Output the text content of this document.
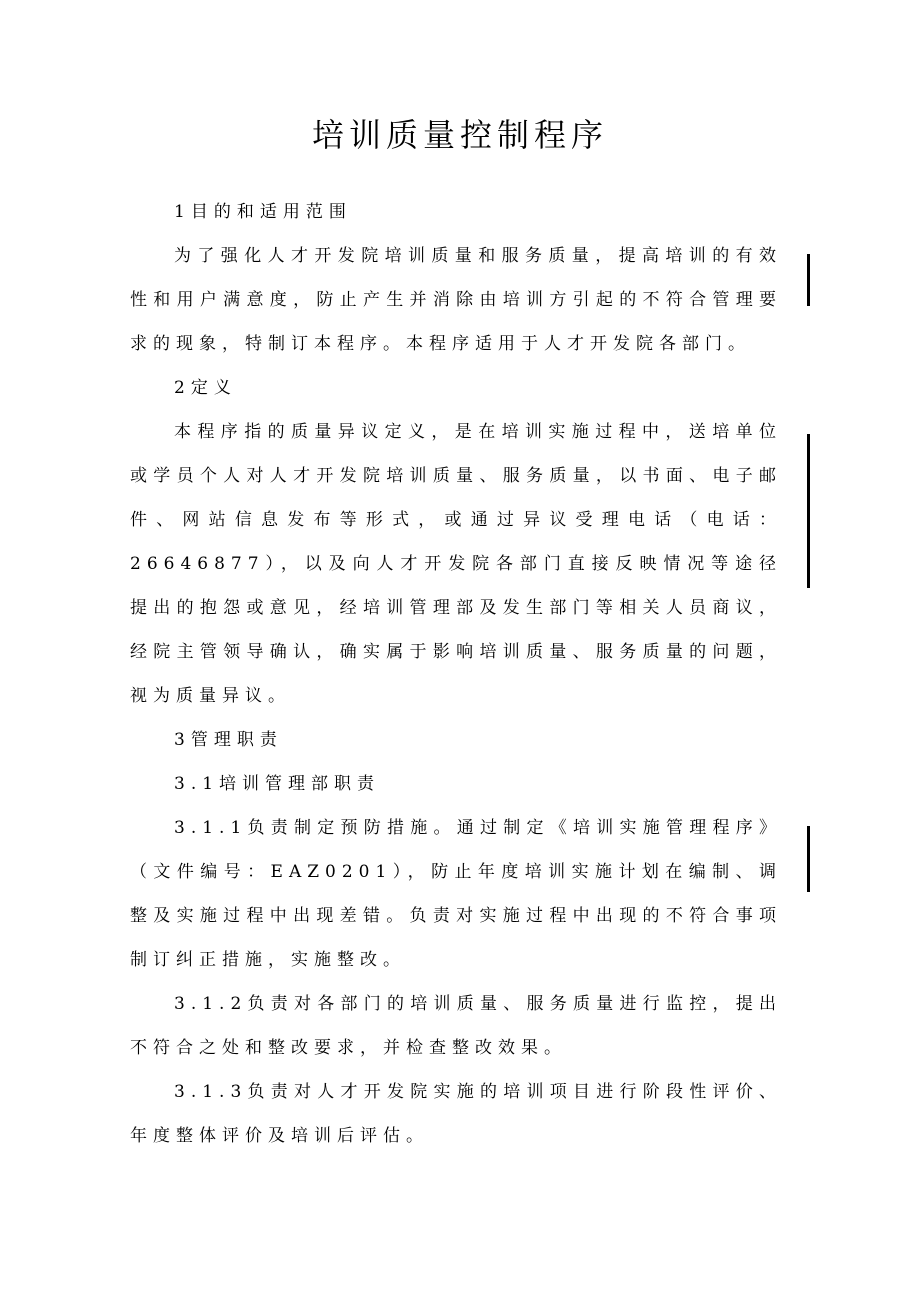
培训质量控制程序

1目的和适用范围

为了强化人才开发院培训质量和服务质量，提高培训的有效性和用户满意度，防止产生并消除由培训方引起的不符合管理要求的现象，特制订本程序。本程序适用于人才开发院各部门。

2定义

本程序指的质量异议定义，是在培训实施过程中，送培单位或学员个人对人才开发院培训质量、服务质量，以书面、电子邮件、网站信息发布等形式，或通过异议受理电话（电话：26646877），以及向人才开发院各部门直接反映情况等途径提出的抱怨或意见，经培训管理部及发生部门等相关人员商议，经院主管领导确认，确实属于影响培训质量、服务质量的问题，视为质量异议。

3管理职责

3.1培训管理部职责

3.1.1负责制定预防措施。通过制定《培训实施管理程序》（文件编号：EAZ0201），防止年度培训实施计划在编制、调整及实施过程中出现差错。负责对实施过程中出现的不符合事项制订纠正措施，实施整改。

3.1.2负责对各部门的培训质量、服务质量进行监控，提出不符合之处和整改要求，并检查整改效果。

3.1.3负责对人才开发院实施的培训项目进行阶段性评价、年度整体评价及培训后评估。
